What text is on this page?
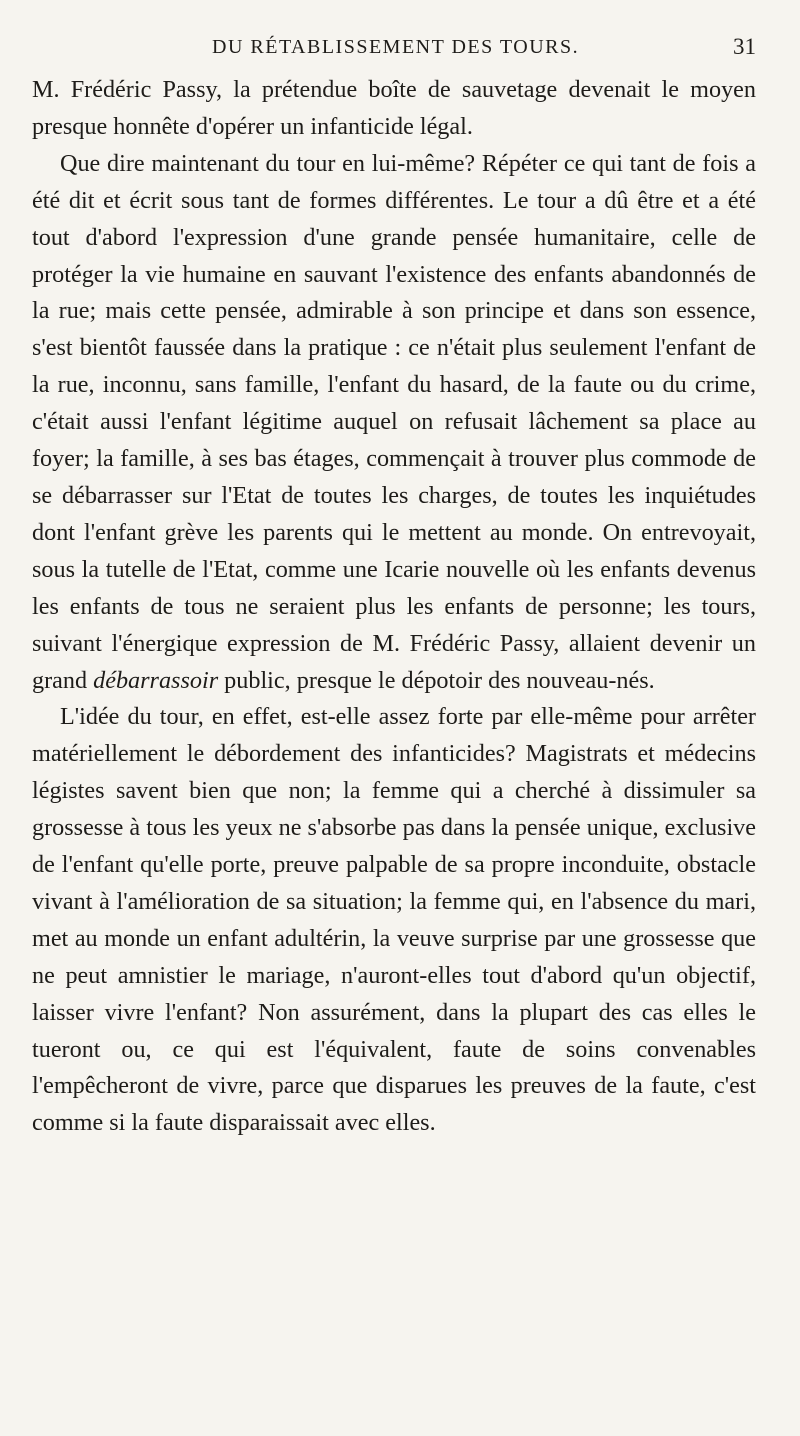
DU RÉTABLISSEMENT DES TOURS.	31

M. Frédéric Passy, la prétendue boîte de sauvetage devenait le moyen presque honnête d'opérer un infanticide légal.

Que dire maintenant du tour en lui-même? Répéter ce qui tant de fois a été dit et écrit sous tant de formes différentes. Le tour a dû être et a été tout d'abord l'expression d'une grande pensée humanitaire, celle de protéger la vie humaine en sauvant l'existence des enfants abandonnés de la rue; mais cette pensée, admirable à son principe et dans son essence, s'est bientôt faussée dans la pratique : ce n'était plus seulement l'enfant de la rue, inconnu, sans famille, l'enfant du hasard, de la faute ou du crime, c'était aussi l'enfant légitime auquel on refusait lâchement sa place au foyer; la famille, à ses bas étages, commençait à trouver plus commode de se débarrasser sur l'Etat de toutes les charges, de toutes les inquiétudes dont l'enfant grève les parents qui le mettent au monde. On entrevoyait, sous la tutelle de l'Etat, comme une Icarie nouvelle où les enfants devenus les enfants de tous ne seraient plus les enfants de personne; les tours, suivant l'énergique expression de M. Frédéric Passy, allaient devenir un grand débarrassoir public, presque le dépotoir des nouveau-nés.

L'idée du tour, en effet, est-elle assez forte par elle-même pour arrêter matériellement le débordement des infanticides? Magistrats et médecins légistes savent bien que non; la femme qui a cherché à dissimuler sa grossesse à tous les yeux ne s'absorbe pas dans la pensée unique, exclusive de l'enfant qu'elle porte, preuve palpable de sa propre inconduite, obstacle vivant à l'amélioration de sa situation; la femme qui, en l'absence du mari, met au monde un enfant adultérin, la veuve surprise par une grossesse que ne peut amnistier le mariage, n'auront-elles tout d'abord qu'un objectif, laisser vivre l'enfant? Non assurément, dans la plupart des cas elles le tueront ou, ce qui est l'équivalent, faute de soins convenables l'empêcheront de vivre, parce que disparues les preuves de la faute, c'est comme si la faute disparaissait avec elles.
